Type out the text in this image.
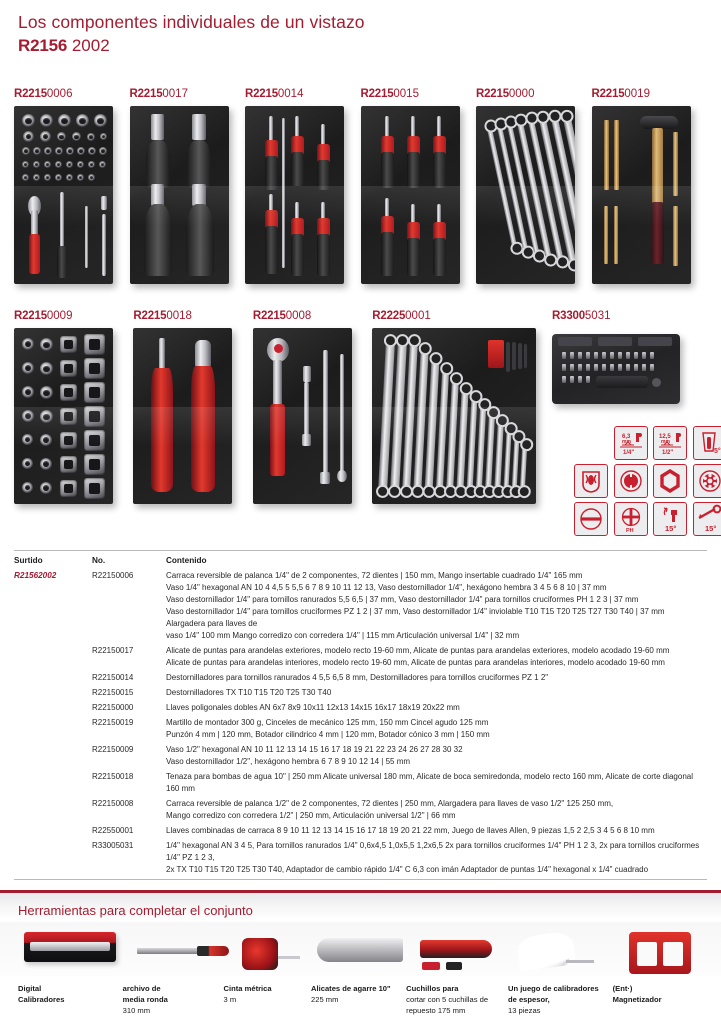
Los componentes individuales de un vistazo
R2156 2002
R22150006	R22150017	R22150014	R22150015	R22150000	R22150019
R22150009	R22150018	R22150008	R22250001	R33005031
6,3
mm
1/4"
12,5
mm
1/2"	5°
PH	15°	15°
Surtido	No.	Contenido
R21562002	R22150006	Carraca reversible de palanca 1/4" de 2 componentes, 72 dientes | 150 mm, Mango insertable cuadrado 1/4" 165 mm
Vaso 1/4" hexagonal AN 10 4 4,5 5 5,5 6 7 8 9 10 11 12 13, Vaso destornillador 1/4", hexágono hembra 3 4 5 6 8 10 | 37 mm
Vaso destornillador 1/4" para tornillos ranurados 5,5 6,5 | 37 mm, Vaso destornillador 1/4" para tornillos cruciformes PH 1 2 3 | 37 mm
Vaso destornillador 1/4" para tornillos cruciformes PZ 1 2 | 37 mm, Vaso destornillador 1/4" inviolable T10 T15 T20 T25 T27 T30 T40 | 37 mm Alargadera para llaves de
vaso 1/4" 100 mm Mango corredizo con corredera 1/4" | 115 mm Articulación universal 1/4" | 32 mm

	R22150017	Alicate de puntas para arandelas exteriores, modelo recto 19-60 mm, Alicate de puntas para arandelas exteriores, modelo acodado 19-60 mm
Alicate de puntas para arandelas interiores, modelo recto 19-60 mm, Alicate de puntas para arandelas interiores, modelo acodado 19-60 mm

	R22150014	Destornilladores para tornillos ranurados 4 5,5 6,5 8 mm, Destornilladores para tornillos cruciformes PZ 1 2"

	R22150015	Destornilladores TX T10 T15 T20 T25 T30 T40

	R22150000	Llaves poligonales dobles AN 6x7 8x9 10x11 12x13 14x15 16x17 18x19 20x22 mm

	R22150019	Martillo de montador 300 g, Cinceles de mecánico 125 mm, 150 mm Cincel agudo 125 mm
Punzón 4 mm | 120 mm, Botador cilindrico 4 mm | 120 mm, Botador cónico 3 mm | 150 mm

	R22150009	Vaso 1/2" hexagonal AN 10 11 12 13 14 15 16 17 18 19 21 22 23 24 26 27 28 30 32
Vaso destornillador 1/2", hexágono hembra 6 7 8 9 10 12 14 | 55 mm

	R22150018	Tenaza para bombas de agua 10" | 250 mm Alicate universal 180 mm, Alicate de boca semiredonda, modelo recto 160 mm, Alicate de corte diagonal 160 mm

	R22150008	Carraca reversible de palanca 1/2" de 2 componentes, 72 dientes | 250 mm, Alargadera para llaves de vaso 1/2" 125 250 mm,
Mango corredizo con corredera 1/2" | 250 mm, Articulación universal 1/2" | 66 mm

	R22550001	Llaves combinadas de carraca 8 9 10 11 12 13 14 15 16 17 18 19 20 21 22 mm, Juego de llaves Allen, 9 piezas 1,5 2 2,5 3 4 5 6 8 10 mm

	R33005031	1/4" hexagonal AN 3 4 5, Para tornillos ranurados 1/4" 0,6x4,5 1,0x5,5 1,2x6,5 2x para tornillos cruciformes 1/4" PH 1 2 3, 2x para tornillos cruciformes 1/4" PZ 1 2 3,
2x TX T10 T15 T20 T25 T30 T40, Adaptador de cambio rápido 1/4" C 6,3 con imán Adaptador de puntas 1/4" hexagonal x 1/4" cuadrado
Herramientas para completar el conjunto
Digital
Calibradores
archivo de
media ronda
310 mm
Cinta métrica
3 m
Alicates de agarre 10"
225 mm
Cuchillos para
cortar con 5 cuchillas de
repuesto 175 mm
Un juego de calibradores
de espesor,
13 piezas
(Ent·)
Magnetizador
